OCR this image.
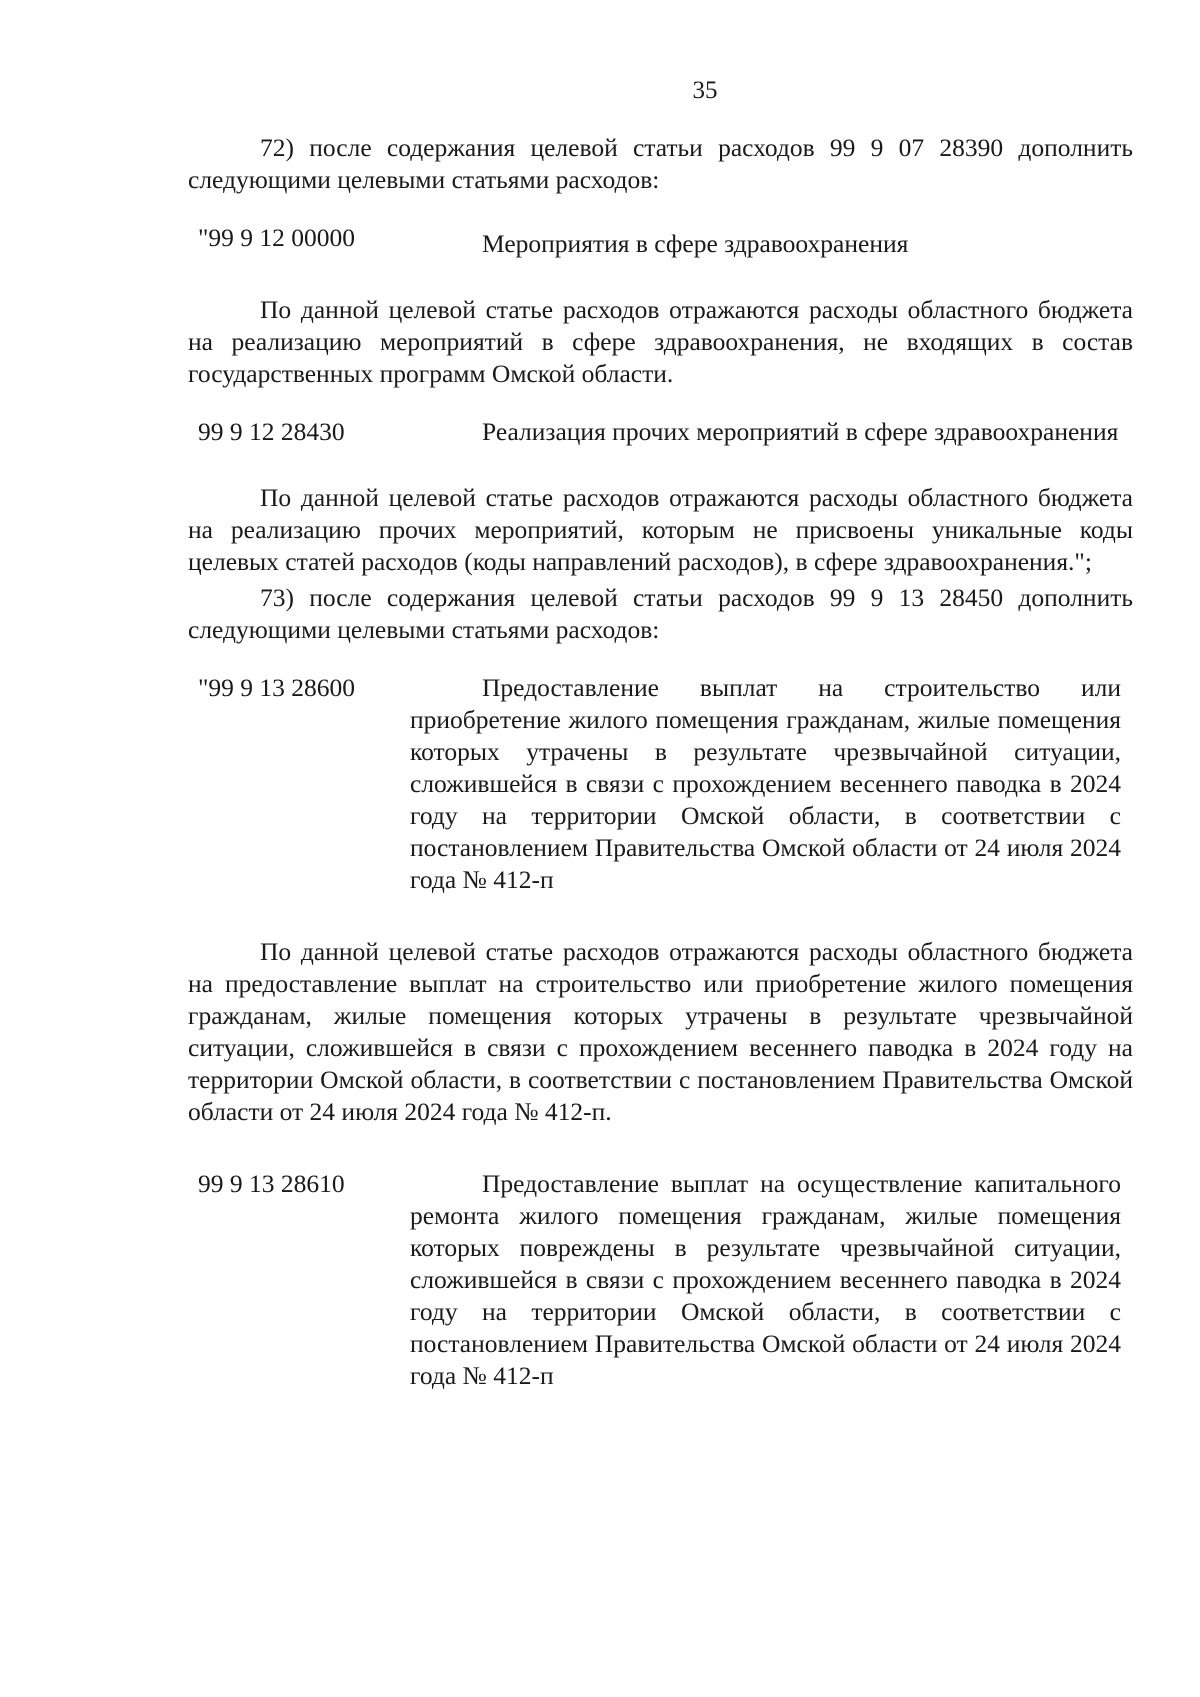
35

72) после содержания целевой статьи расходов 99 9 07 28390 дополнить следующими целевыми статьями расходов:

"99 9 12 00000	Мероприятия в сфере здравоохранения

По данной целевой статье расходов отражаются расходы областного бюджета на реализацию мероприятий в сфере здравоохранения, не входящих в состав государственных программ Омской области.

99 9 12 28430	Реализация прочих мероприятий в сфере здравоохранения

По данной целевой статье расходов отражаются расходы областного бюджета на реализацию прочих мероприятий, которым не присвоены уникальные коды целевых статей расходов (коды направлений расходов), в сфере здравоохранения.";

73) после содержания целевой статьи расходов 99 9 13 28450 дополнить следующими целевыми статьями расходов:

"99 9 13 28600	Предоставление выплат на строительство или приобретение жилого помещения гражданам, жилые помещения которых утрачены в результате чрезвычайной ситуации, сложившейся в связи с прохождением весеннего паводка в 2024 году на территории Омской области, в соответствии с постановлением Правительства Омской области от 24 июля 2024 года № 412-п

По данной целевой статье расходов отражаются расходы областного бюджета на предоставление выплат на строительство или приобретение жилого помещения гражданам, жилые помещения которых утрачены в результате чрезвычайной ситуации, сложившейся в связи с прохождением весеннего паводка в 2024 году на территории Омской области, в соответствии с постановлением Правительства Омской области от 24 июля 2024 года № 412-п.

99 9 13 28610	Предоставление выплат на осуществление капитального ремонта жилого помещения гражданам, жилые помещения которых повреждены в результате чрезвычайной ситуации, сложившейся в связи с прохождением весеннего паводка в 2024 году на территории Омской области, в соответствии с постановлением Правительства Омской области от 24 июля 2024 года № 412-п
